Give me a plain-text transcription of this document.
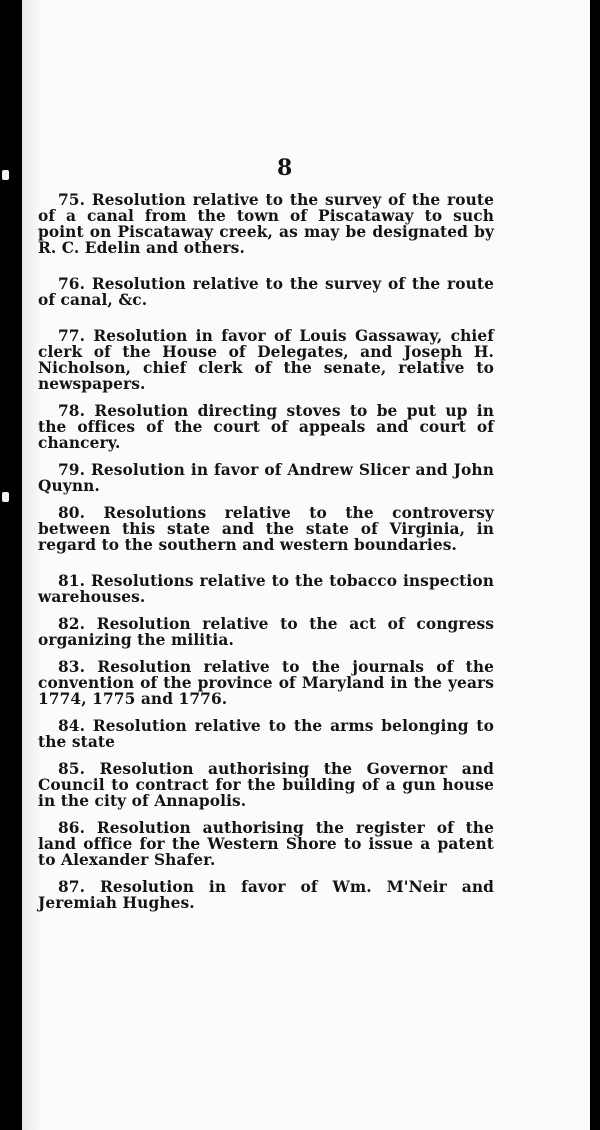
8

75. Resolution relative to the survey of the route of a canal from the town of Piscataway to such point on Piscataway creek, as may be designated by R. C. Edelin and others.

76. Resolution relative to the survey of the route of canal, &c.

77. Resolution in favor of Louis Gassaway, chief clerk of the House of Delegates, and Joseph H. Nicholson, chief clerk of the senate, relative to newspapers.

78. Resolution directing stoves to be put up in the offices of the court of appeals and court of chancery.

79. Resolution in favor of Andrew Slicer and John Quynn.

80. Resolutions relative to the controversy between this state and the state of Virginia, in regard to the southern and western boundaries.

81. Resolutions relative to the tobacco inspection warehouses.

82. Resolution relative to the act of congress organizing the militia.

83. Resolution relative to the journals of the convention of the province of Maryland in the years 1774, 1775 and 1776.

84. Resolution relative to the arms belonging to the state

85. Resolution authorising the Governor and Council to contract for the building of a gun house in the city of Annapolis.

86. Resolution authorising the register of the land office for the Western Shore to issue a patent to Alexander Shafer.

87. Resolution in favor of Wm. M'Neir and Jeremiah Hughes.
